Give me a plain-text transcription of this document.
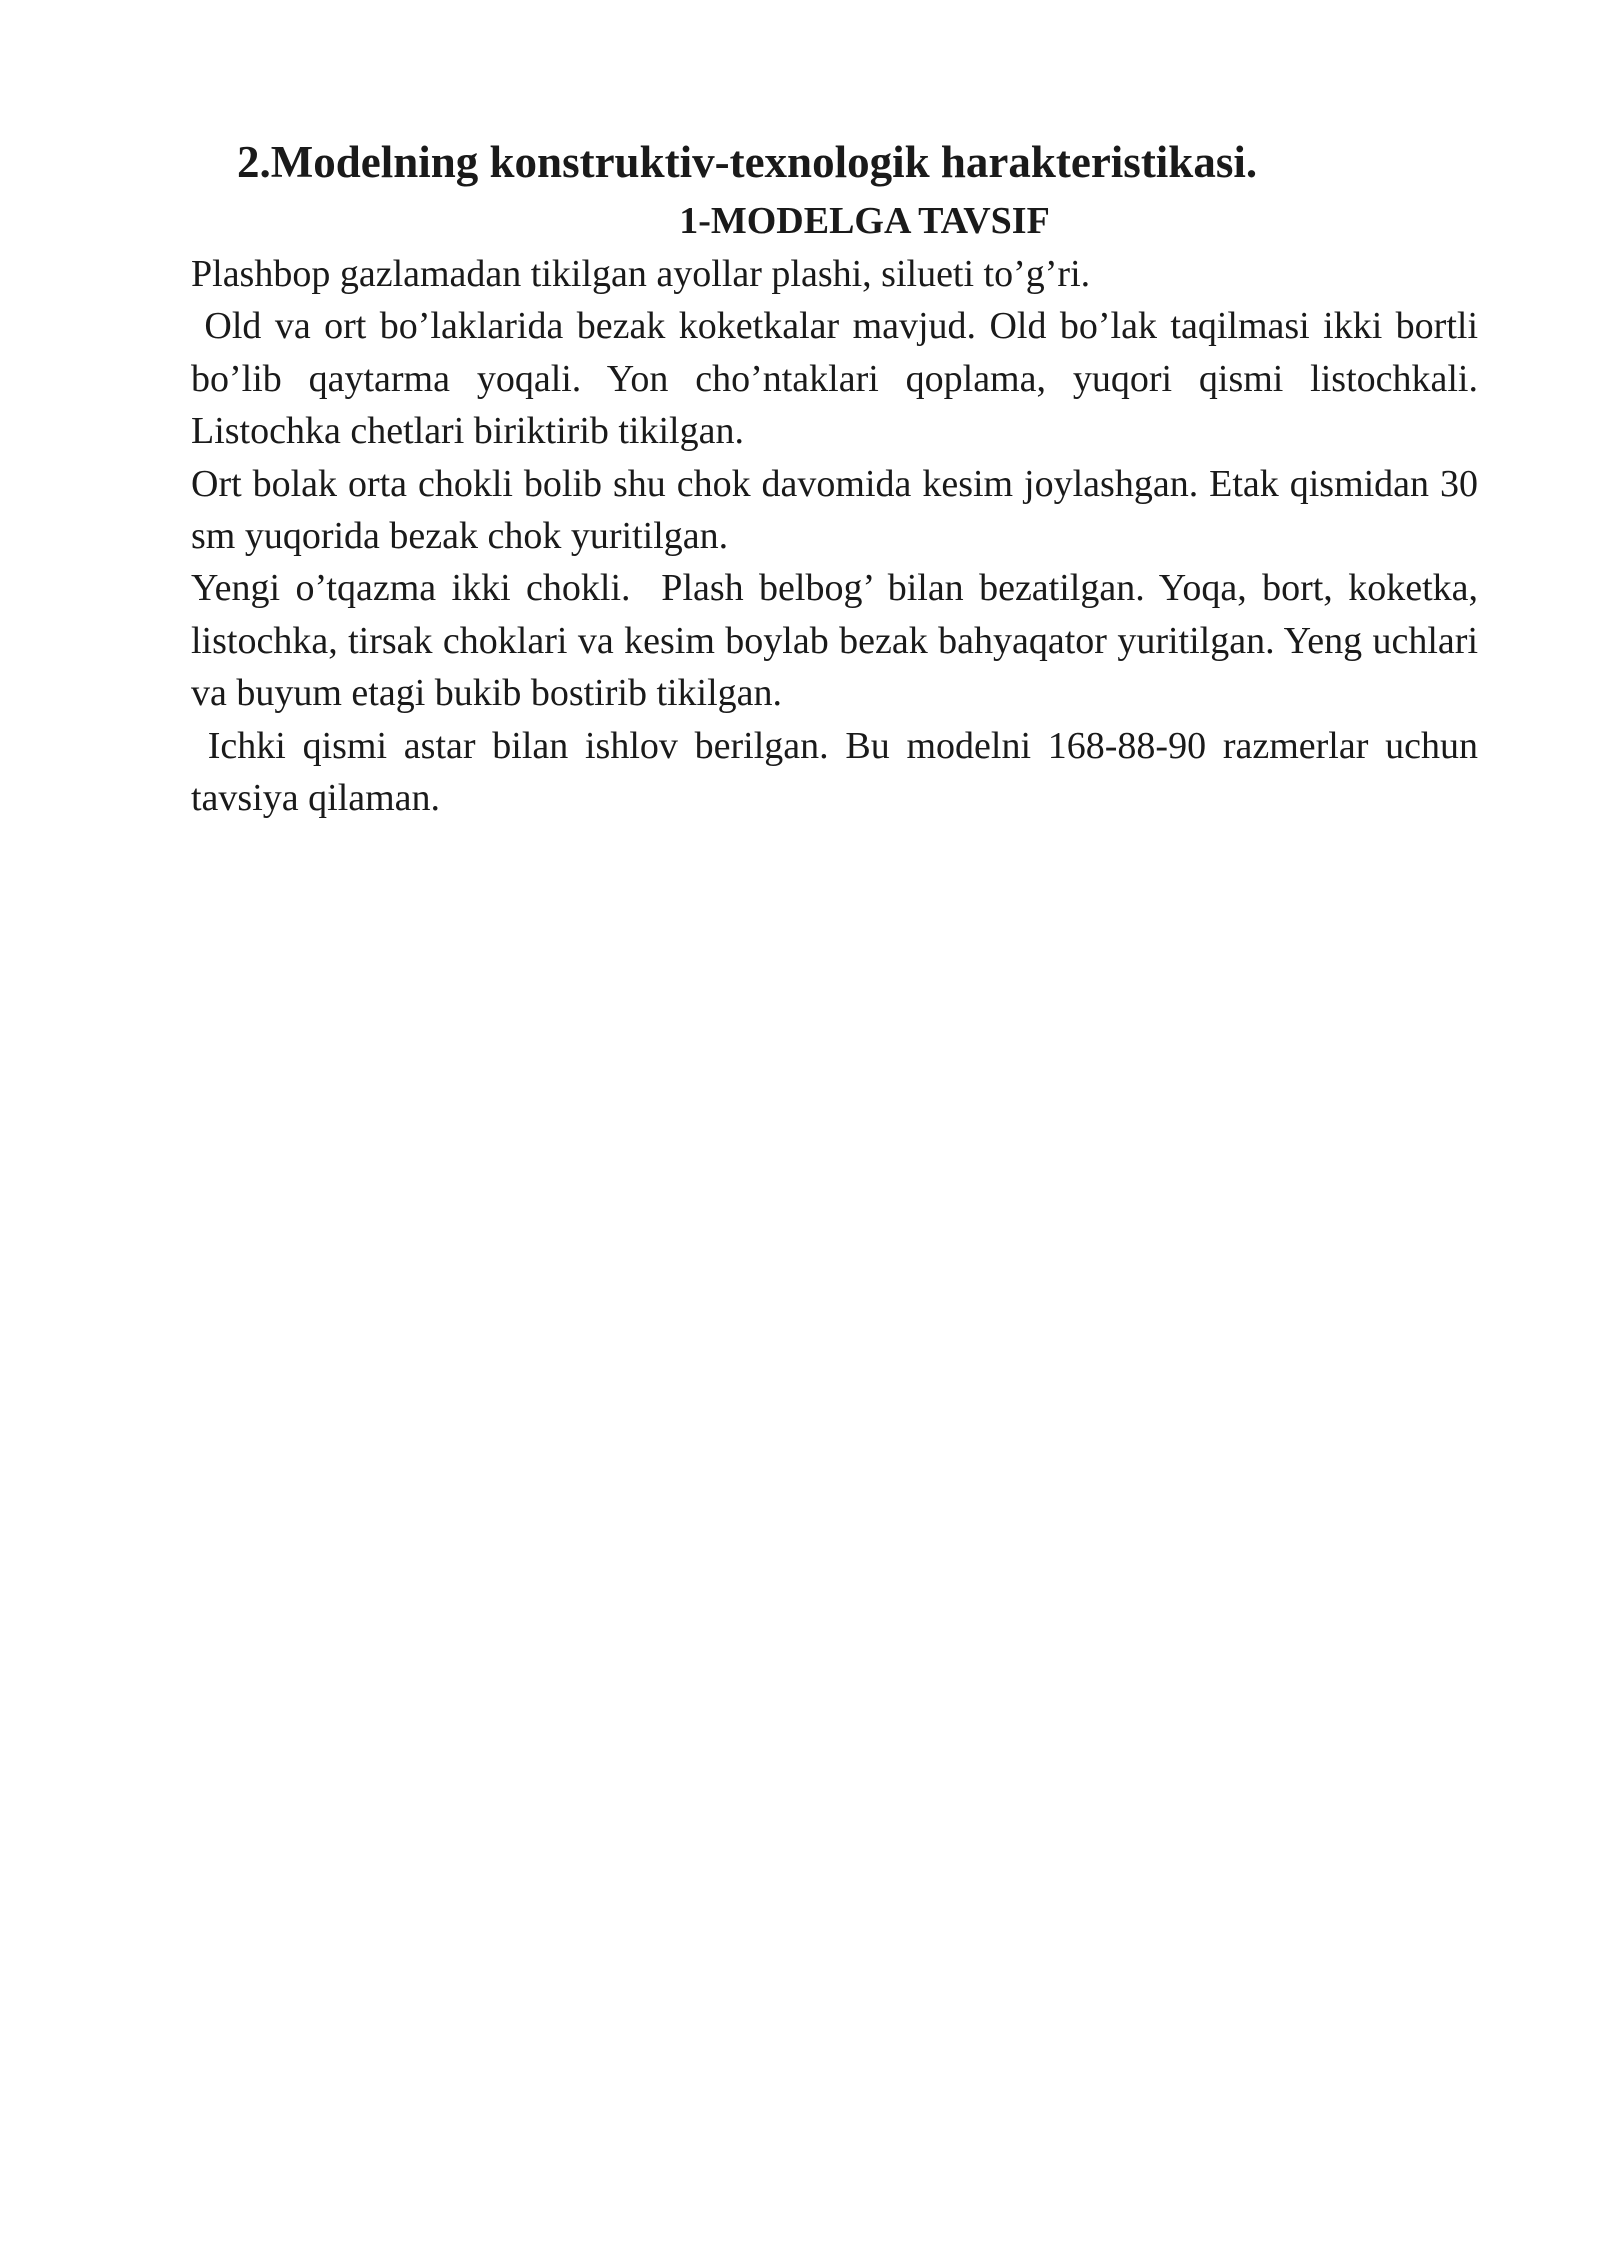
2.Modelning konstruktiv-texnologik harakteristikasi.
1-MODELGA TAVSIF

Plashbop gazlamadan tikilgan ayollar plashi, silueti to’g’ri.

Old va ort bo’laklarida bezak koketkalar mavjud. Old bo’lak taqilmasi ikki bortli bo’lib qaytarma yoqali. Yon cho’ntaklari qoplama, yuqori qismi listochkali. Listochka chetlari biriktirib tikilgan.

Ort bolak orta chokli bolib shu chok davomida kesim joylashgan. Etak qismidan 30 sm yuqorida bezak chok yuritilgan.

Yengi o’tqazma ikki chokli.  Plash belbog’ bilan bezatilgan. Yoqa, bort, koketka, listochka, tirsak choklari va kesim boylab bezak bahyaqator yuritilgan. Yeng uchlari va buyum etagi bukib bostirib tikilgan.

Ichki qismi astar bilan ishlov berilgan. Bu modelni 168-88-90 razmerlar uchun tavsiya qilaman.
